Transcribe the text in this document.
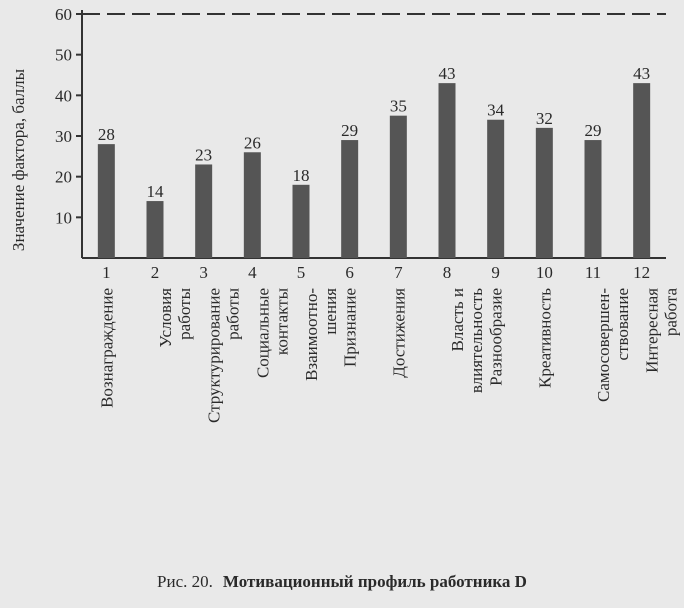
10
20
30
40
50
60
Значение фактора, баллы	28
1
Вознаграждение
14
2
Условияработы
23
3
Структурированиеработы
26
4
Социальныеконтакты
18
5
Взаимоотно-шения
29
6
Признание
35
7
Достижения
43
8
Власть ивлиятельность
34
9
Разнообразие
32
10
Креативность
29
11
Самосовершен-ствование
43
12
Интереснаяработа
Рис. 20. Мотивационный профиль работника D
